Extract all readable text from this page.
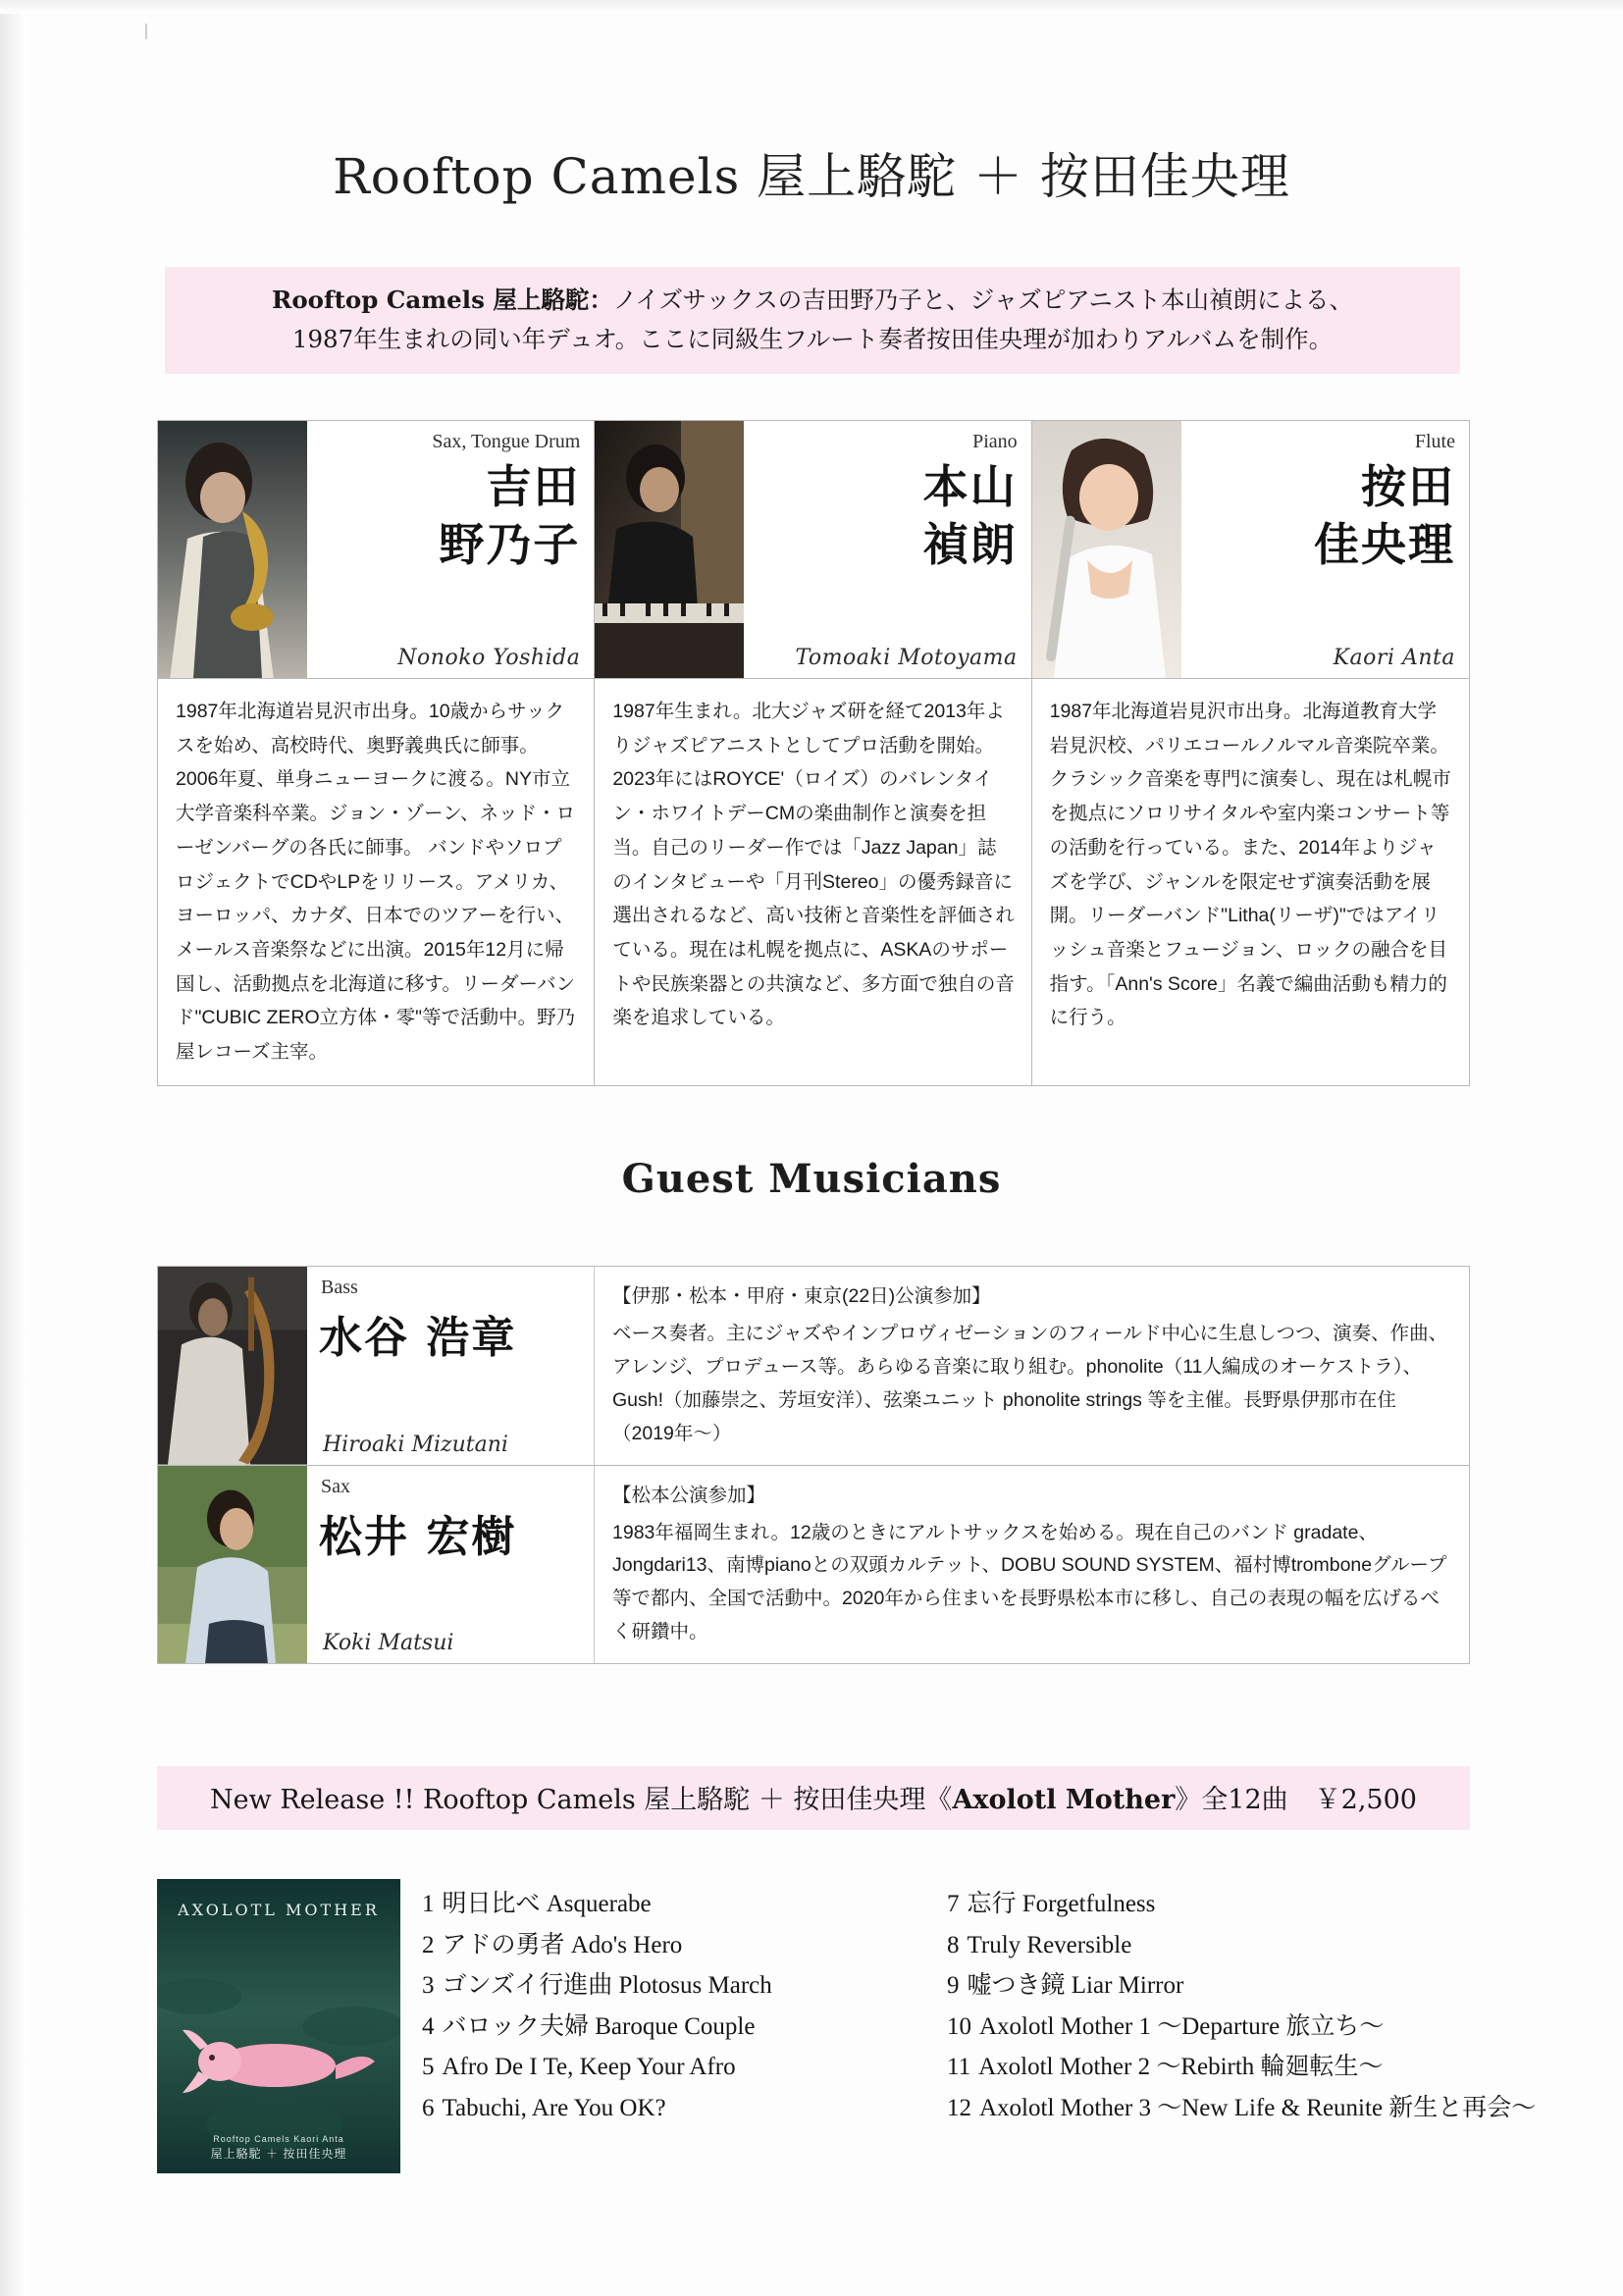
Rooftop Camels 屋上駱駝 ＋ 按田佳央理
Rooftop Camels 屋上駱駝：ノイズサックスの吉田野乃子と、ジャズピアニスト本山禎朗による、
1987年生まれの同い年デュオ。ここに同級生フルート奏者按田佳央理が加わりアルバムを制作。
Sax, Tongue Drum
吉田
野乃子
Nonoko Yoshida
1987年北海道岩見沢市出身。10歳からサックスを始め、高校時代、奥野義典氏に師事。2006年夏、単身ニューヨークに渡る。NY市立大学音楽科卒業。ジョン・ゾーン、ネッド・ローゼンバーグの各氏に師事。 バンドやソロプロジェクトでCDやLPをリリース。アメリカ、ヨーロッパ、カナダ、日本でのツアーを行い、メールス音楽祭などに出演。2015年12月に帰国し、活動拠点を北海道に移す。リーダーバンド"CUBIC ZERO立方体・零"等で活動中。野乃屋レコーズ主宰。
Piano
本山
禎朗
Tomoaki Motoyama
1987年生まれ。北大ジャズ研を経て2013年よりジャズピアニストとしてプロ活動を開始。2023年にはROYCE'（ロイズ）のバレンタイン・ホワイトデーCMの楽曲制作と演奏を担当。自己のリーダー作では「Jazz Japan」誌のインタビューや「月刊Stereo」の優秀録音に選出されるなど、高い技術と音楽性を評価されている。現在は札幌を拠点に、ASKAのサポートや民族楽器との共演など、多方面で独自の音楽を追求している。
Flute
按田
佳央理
Kaori Anta
1987年北海道岩見沢市出身。北海道教育大学岩見沢校、パリエコールノルマル音楽院卒業。クラシック音楽を専門に演奏し、現在は札幌市を拠点にソロリサイタルや室内楽コンサート等の活動を行っている。また、2014年よりジャズを学び、ジャンルを限定せず演奏活動を展開。リーダーバンド"Litha(リーザ)"ではアイリッシュ音楽とフュージョン、ロックの融合を目指す。「Ann's Score」名義で編曲活動も精力的に行う。
Guest Musicians
Bass
水谷 浩章
Hiroaki Mizutani
【伊那・松本・甲府・東京(22日)公演参加】
ベース奏者。主にジャズやインプロヴィゼーションのフィールド中心に生息しつつ、演奏、作曲、アレンジ、プロデュース等。あらゆる音楽に取り組む。phonolite（11人編成のオーケストラ）、Gush!（加藤崇之、芳垣安洋）、弦楽ユニット phonolite strings 等を主催。長野県伊那市在住（2019年〜）
Sax
松井 宏樹
Koki Matsui
【松本公演参加】
1983年福岡生まれ。12歳のときにアルトサックスを始める。現在自己のバンド gradate、Jongdari13、南博pianoとの双頭カルテット、DOBU SOUND SYSTEM、福村博tromboneグループ等で都内、全国で活動中。2020年から住まいを長野県松本市に移し、自己の表現の幅を広げるべく研鑽中。
New Release !! Rooftop Camels 屋上駱駝 ＋ 按田佳央理《Axolotl Mother》全12曲　￥2,500
AXOLOTL MOTHER
Rooftop Camels Kaori Anta
屋上駱駝 ＋ 按田佳央理
1 明日比べ Asquerabe
2 アドの勇者 Ado's Hero
3 ゴンズイ行進曲 Plotosus March
4 バロック夫婦 Baroque Couple
5 Afro De I Te, Keep Your Afro
6 Tabuchi, Are You OK?
7 忘行 Forgetfulness
8 Truly Reversible
9 嘘つき鏡 Liar Mirror
10 Axolotl Mother 1 〜Departure 旅立ち〜
11 Axolotl Mother 2 〜Rebirth 輪廻転生〜
12 Axolotl Mother 3 〜New Life & Reunite 新生と再会〜
